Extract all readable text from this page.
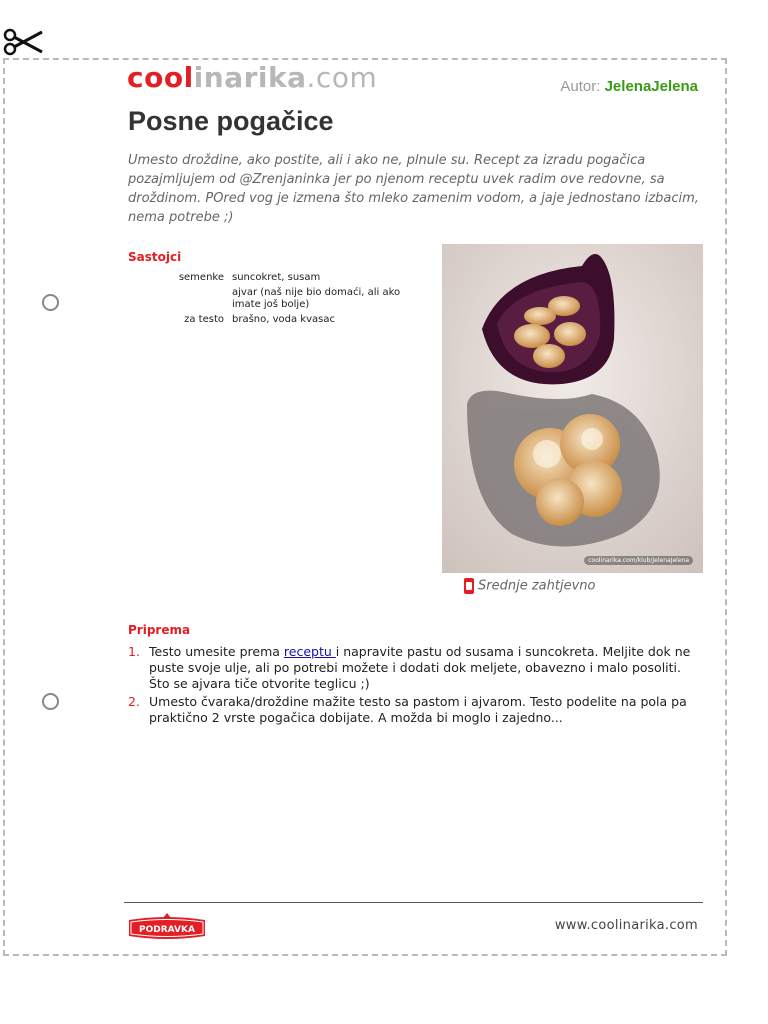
coolinarika.com	Autor: JelenaJelena
Posne pogačice

Umesto droždine, ako postite, ali i ako ne, plnule su. Recept za izradu pogačica pozajmljujem od @Zrenjaninka jer po njenom receptu uvek radim ove redovne, sa droždinom. POred vog je izmena što mleko zamenim vodom, a jaje jednostano izbacim, nema potrebe ;)

Sastojci
semenke	suncokret, susam
	ajvar (naš nije bio domaći, ali ako imate još bolje)
za testo	brašno, voda kvasac
coolinarika.com/klub/JelenaJelena
Srednje zahtjevno
Priprema
1. Testo umesite prema receptu i napravite pastu od susama i suncokreta. Meljite dok ne puste svoje ulje, ali po potrebi možete i dodati dok meljete, obavezno i malo posoliti. Što se ajvara tiče otvorite teglicu ;)
2. Umesto čvaraka/droždine mažite testo sa pastom i ajvarom. Testo podelite na pola pa praktično 2 vrste pogačica dobijate. A možda bi moglo i zajedno...
PODRAVKA	www.coolinarika.com
